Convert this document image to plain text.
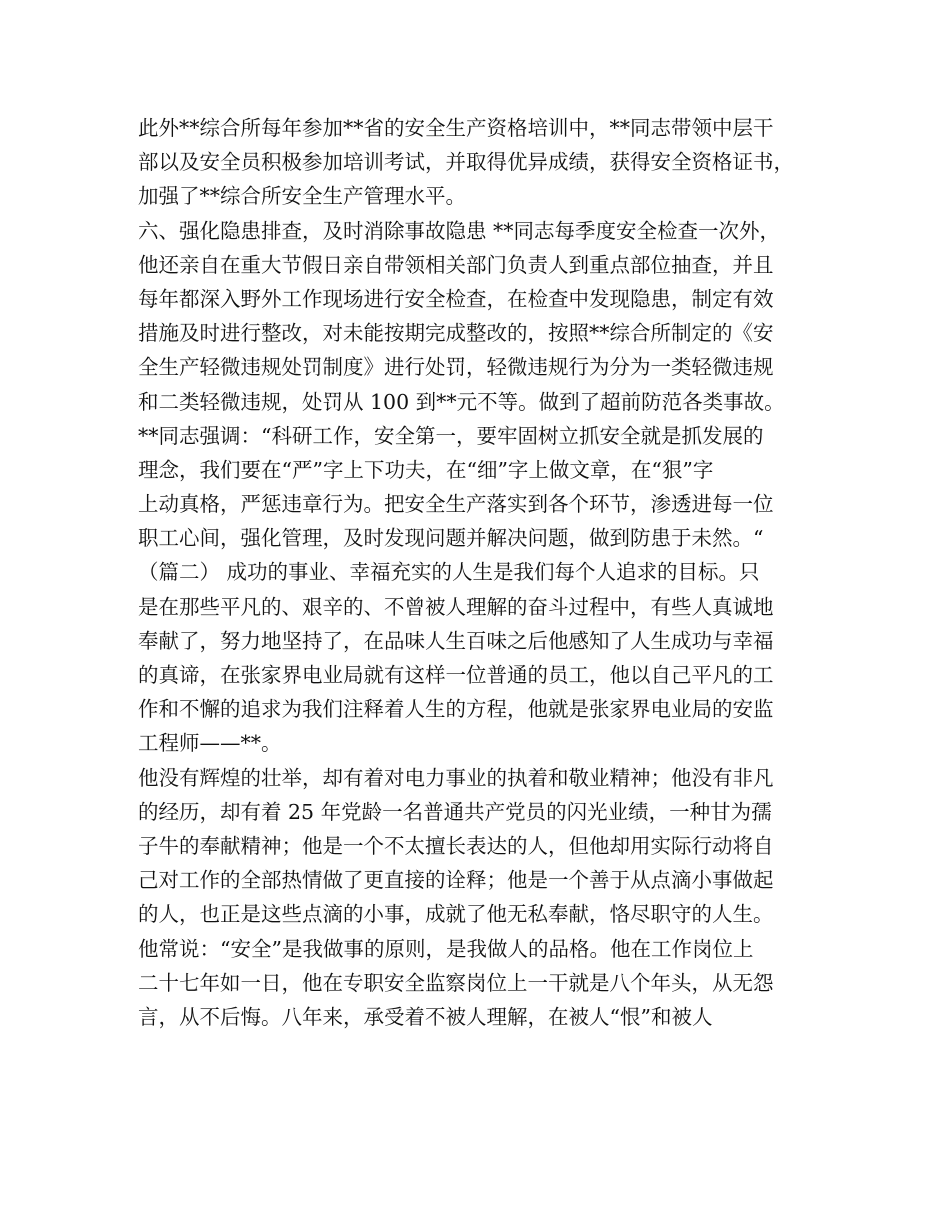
此外**综合所每年参加**省的安全生产资格培训中，**同志带领中层干
部以及安全员积极参加培训考试，并取得优异成绩，获得安全资格证书，
加强了**综合所安全生产管理水平。
六、强化隐患排查，及时消除事故隐患 **同志每季度安全检查一次外，
他还亲自在重大节假日亲自带领相关部门负责人到重点部位抽查，并且
每年都深入野外工作现场进行安全检查，在检查中发现隐患，制定有效
措施及时进行整改，对未能按期完成整改的，按照**综合所制定的《安
全生产轻微违规处罚制度》进行处罚，轻微违规行为分为一类轻微违规
和二类轻微违规，处罚从 100 到**元不等。做到了超前防范各类事故。
**同志强调：“科研工作，安全第一，要牢固树立抓安全就是抓发展的
理念，我们要在“严”字上下功夫，在“细”字上做文章，在“狠”字
上动真格，严惩违章行为。把安全生产落实到各个环节，渗透进每一位
职工心间，强化管理，及时发现问题并解决问题，做到防患于未然。“
（篇二） 成功的事业、幸福充实的人生是我们每个人追求的目标。只
是在那些平凡的、艰辛的、不曾被人理解的奋斗过程中，有些人真诚地
奉献了，努力地坚持了，在品味人生百味之后他感知了人生成功与幸福
的真谛，在张家界电业局就有这样一位普通的员工，他以自己平凡的工
作和不懈的追求为我们注释着人生的方程，他就是张家界电业局的安监
工程师——**。
他没有辉煌的壮举，却有着对电力事业的执着和敬业精神；他没有非凡
的经历，却有着 25 年党龄一名普通共产党员的闪光业绩，一种甘为孺
子牛的奉献精神；他是一个不太擅长表达的人，但他却用实际行动将自
己对工作的全部热情做了更直接的诠释；他是一个善于从点滴小事做起
的人，也正是这些点滴的小事，成就了他无私奉献，恪尽职守的人生。
他常说：“安全”是我做事的原则，是我做人的品格。他在工作岗位上
二十七年如一日，他在专职安全监察岗位上一干就是八个年头，从无怨
言，从不后悔。八年来，承受着不被人理解，在被人“恨”和被人
